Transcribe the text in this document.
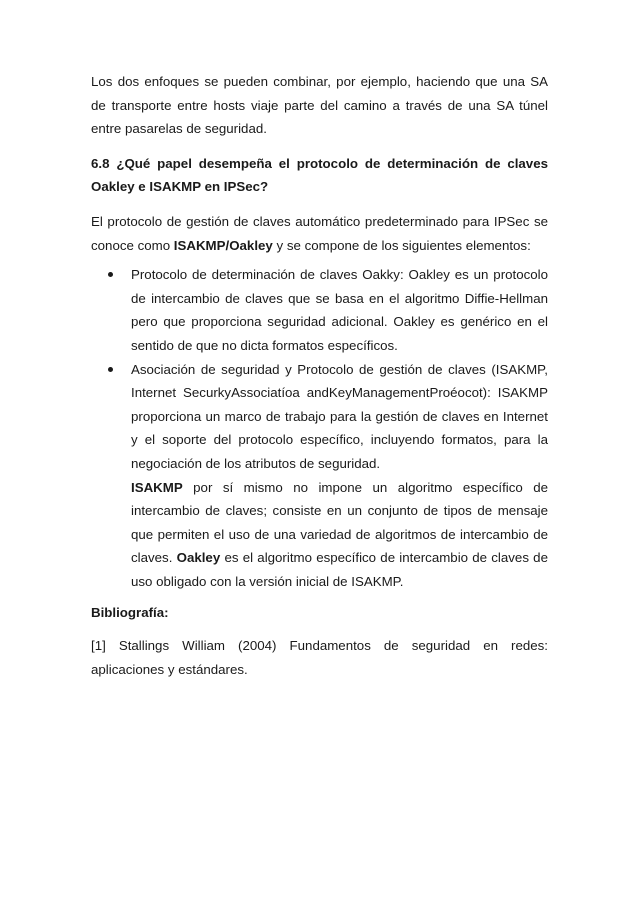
Los dos enfoques se pueden combinar, por ejemplo, haciendo que una SA de transporte entre hosts viaje parte del camino a través de una SA túnel entre pasarelas de seguridad.

6.8 ¿Qué papel desempeña el protocolo de determinación de claves Oakley e ISAKMP en IPSec?

El protocolo de gestión de claves automático predeterminado para IPSec se conoce como ISAKMP/Oakley y se compone de los siguientes elementos:

Protocolo de determinación de claves Oakky: Oakley es un protocolo de intercambio de claves que se basa en el algoritmo Diffie-Hellman pero que proporciona seguridad adicional. Oakley es genérico en el sentido de que no dicta formatos específicos.
Asociación de seguridad y Protocolo de gestión de claves (ISAKMP, Internet SecurkyAssociatíoa andKeyManagementProéocot): ISAKMP proporciona un marco de trabajo para la gestión de claves en Internet y el soporte del protocolo específico, incluyendo formatos, para la negociación de los atributos de seguridad.

ISAKMP por sí mismo no impone un algoritmo específico de intercambio de claves; consiste en un conjunto de tipos de mensaje que permiten el uso de una variedad de algoritmos de intercambio de claves. Oakley es el algoritmo específico de intercambio de claves de uso obligado con la versión inicial de ISAKMP.

Bibliografía:

[1] Stallings William (2004) Fundamentos de seguridad en redes: aplicaciones y estándares.
